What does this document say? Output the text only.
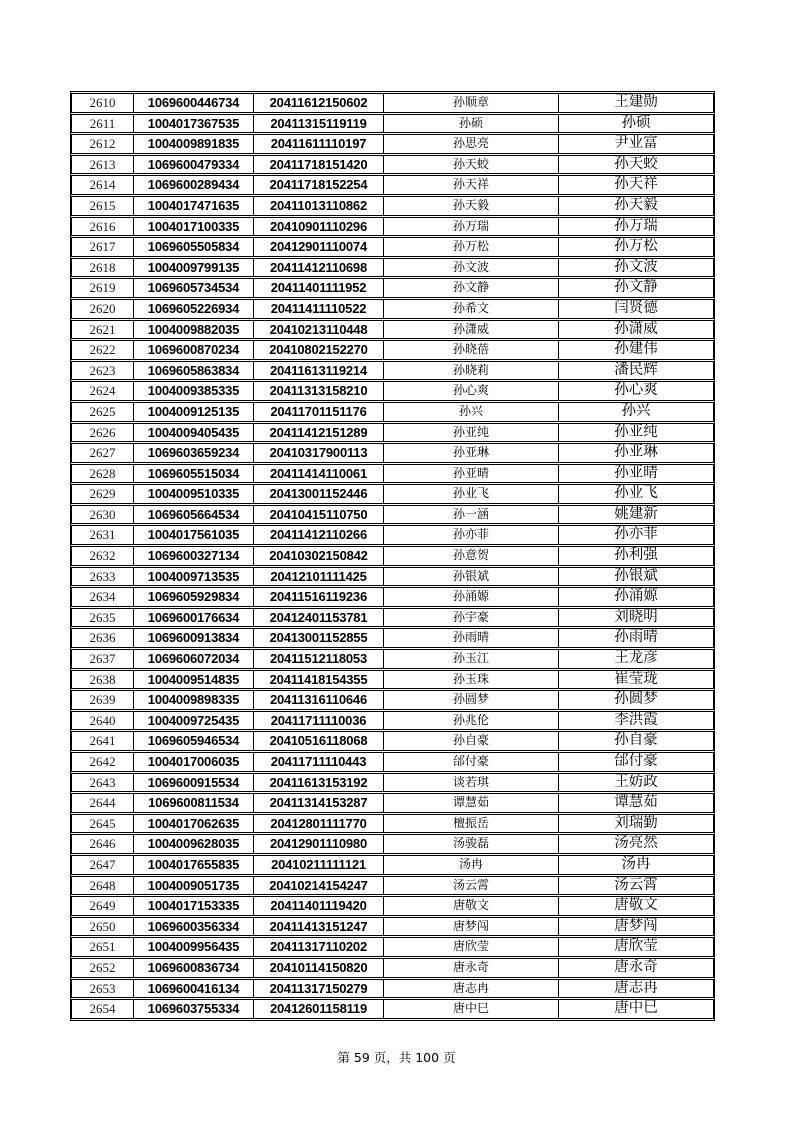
2610	1069600446734	20411612150602	孙顺章	王建勋
2611	1004017367535	20411315119119	孙硕	孙硕
2612	1004009891835	20411611110197	孙思亮	尹业富
2613	1069600479334	20411718151420	孙天蛟	孙天蛟
2614	1069600289434	20411718152254	孙天祥	孙天祥
2615	1004017471635	20411013110862	孙天毅	孙天毅
2616	1004017100335	20410901110296	孙万瑞	孙万瑞
2617	1069605505834	20412901110074	孙万松	孙万松
2618	1004009799135	20411412110698	孙文波	孙文波
2619	1069605734534	20411401111952	孙文静	孙文静
2620	1069605226934	20411411110522	孙希文	闫贤德
2621	1004009882035	20410213110448	孙潇威	孙潇威
2622	1069600870234	20410802152270	孙晓蓓	孙建伟
2623	1069605863834	20411613119214	孙晓莉	潘民辉
2624	1004009385335	20411313158210	孙心爽	孙心爽
2625	1004009125135	20411701151176	孙兴	孙兴
2626	1004009405435	20411412151289	孙亚纯	孙亚纯
2627	1069603659234	20410317900113	孙亚琳	孙亚琳
2628	1069605515034	20411414110061	孙亚晴	孙亚晴
2629	1004009510335	20413001152446	孙业飞	孙业飞
2630	1069605664534	20410415110750	孙一涵	姚建新
2631	1004017561035	20411412110266	孙亦菲	孙亦菲
2632	1069600327134	20410302150842	孙意贺	孙利强
2633	1004009713535	20412101111425	孙银斌	孙银斌
2634	1069605929834	20411516119236	孙涌嫄	孙涌嫄
2635	1069600176634	20412401153781	孙宇豪	刘晓明
2636	1069600913834	20413001152855	孙雨晴	孙雨晴
2637	1069606072034	20411512118053	孙玉江	王龙彦
2638	1004009514835	20411418154355	孙玉珠	崔莹珑
2639	1004009898335	20411316110646	孙圆梦	孙圆梦
2640	1004009725435	20411711110036	孙兆伦	李洪霞
2641	1069605946534	20410516118068	孙自豪	孙自豪
2642	1004017006035	20411711110443	邰付豪	邰付豪
2643	1069600915534	20411613153192	谈若琪	王妨政
2644	1069600811534	20411314153287	谭慧茹	谭慧茹
2645	1004017062635	20412801111770	檀振岳	刘瑞勤
2646	1004009628035	20412901110980	汤骏磊	汤亮然
2647	1004017655835	20410211111121	汤冉	汤冉
2648	1004009051735	20410214154247	汤云霄	汤云霄
2649	1004017153335	20411401119420	唐敬文	唐敬文
2650	1069600356334	20411413151247	唐梦闯	唐梦闯
2651	1004009956435	20411317110202	唐欣莹	唐欣莹
2652	1069600836734	20410114150820	唐永奇	唐永奇
2653	1069600416134	20411317150279	唐志冉	唐志冉
2654	1069603755334	20412601158119	唐中巳	唐中巳
第 59 页，共 100 页
